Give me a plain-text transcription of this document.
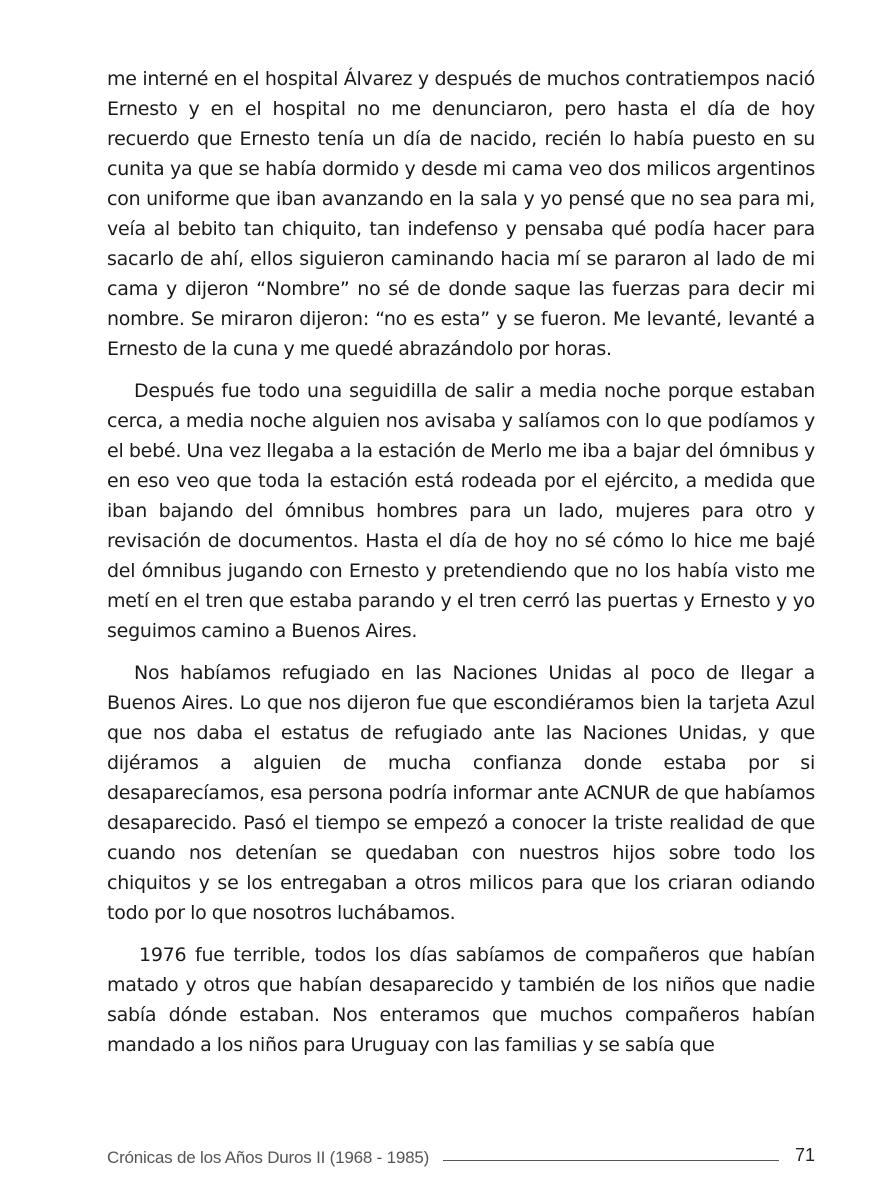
me interné en el hospital Álvarez y después de muchos contratiempos nació Ernesto y en el hospital no me denunciaron, pero hasta el día de hoy recuerdo que Ernesto tenía un día de nacido, recién lo había puesto en su cunita ya que se había dormido y desde mi cama veo dos milicos argentinos con uniforme que iban avanzando en la sala y yo pensé que no sea para mi, veía al bebito tan chiquito, tan indefenso y pensaba qué podía hacer para sacarlo de ahí, ellos siguieron caminando hacia mí se pararon al lado de mi cama y dijeron “Nombre” no sé de donde saque las fuerzas para decir mi nombre. Se miraron dijeron: “no es esta” y se fueron. Me levanté, levanté a Ernesto de la cuna y me quedé abrazándolo por horas.

Después fue todo una seguidilla de salir a media noche porque estaban cerca, a media noche alguien nos avisaba y salíamos con lo que podíamos y el bebé. Una vez llegaba a la estación de Merlo me iba a bajar del ómnibus y en eso veo que toda la estación está rodeada por el ejército, a medida que iban bajando del ómnibus hombres para un lado, mujeres para otro y revisación de documentos. Hasta el día de hoy no sé cómo lo hice me bajé del ómnibus jugando con Ernesto y pretendiendo que no los había visto me metí en el tren que estaba parando y el tren cerró las puertas y Ernesto y yo seguimos camino a Buenos Aires.

Nos habíamos refugiado en las Naciones Unidas al poco de llegar a Buenos Aires. Lo que nos dijeron fue que escondiéramos bien la tarjeta Azul que nos daba el estatus de refugiado ante las Naciones Unidas, y que dijéramos a alguien de mucha confianza donde estaba por si desaparecíamos, esa persona podría informar ante ACNUR de que habíamos desaparecido. Pasó el tiempo se empezó a conocer la triste realidad de que cuando nos detenían se quedaban con nuestros hijos sobre todo los chiquitos y se los entregaban a otros milicos para que los criaran odiando todo por lo que nosotros luchábamos.

1976 fue terrible, todos los días sabíamos de compañeros que habían matado y otros que habían desaparecido y también de los niños que nadie sabía dónde estaban. Nos enteramos que muchos compañeros habían mandado a los niños para Uruguay con las familias y se sabía que

Crónicas de los Años Duros II (1968 - 1985)	71
